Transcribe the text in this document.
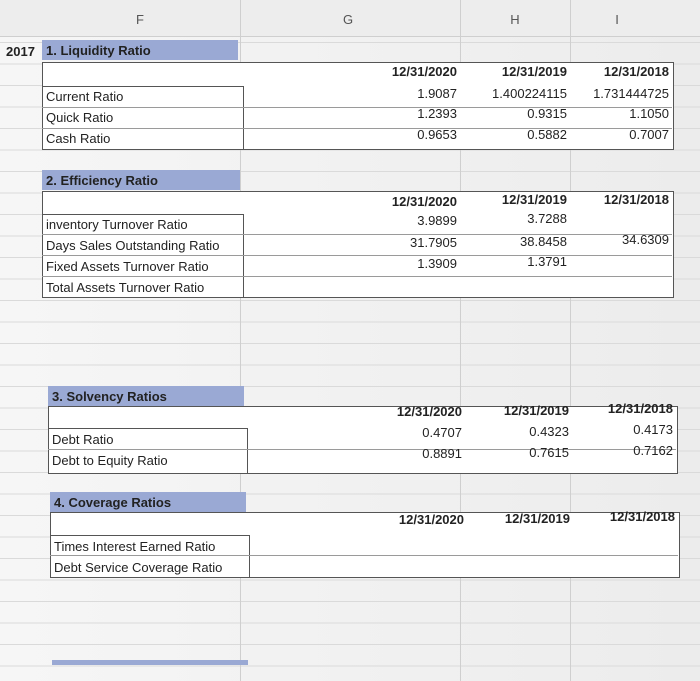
F	G	H	I
2017 1. Liquidity Ratio
12/31/2020	12/31/2019	12/31/2018
Current Ratio	1.9087	1.400224115	1.731444725
Quick Ratio	1.2393	0.9315	1.1050
Cash Ratio	0.9653	0.5882	0.7007
2. Efficiency Ratio
12/31/2020	12/31/2019	12/31/2018
inventory Turnover Ratio	3.9899	3.7288
Days Sales Outstanding Ratio	31.7905	38.8458	34.6309
Fixed Assets Turnover Ratio	1.3909	1.3791
Total Assets Turnover Ratio
3. Solvency Ratios
12/31/2020	12/31/2019	12/31/2018
Debt Ratio	0.4707	0.4323	0.4173
Debt to Equity Ratio	0.8891	0.7615	0.7162
4. Coverage Ratios
12/31/2020	12/31/2019	12/31/2018
Times Interest Earned Ratio
Debt Service Coverage Ratio
